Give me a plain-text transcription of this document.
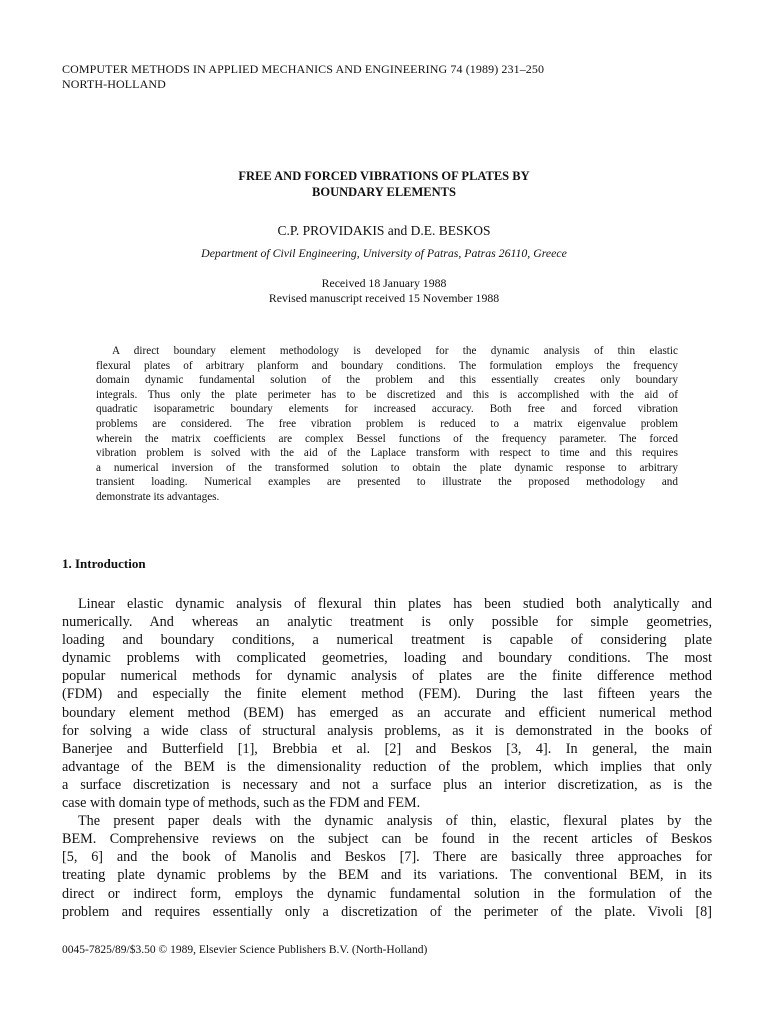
COMPUTER METHODS IN APPLIED MECHANICS AND ENGINEERING 74 (1989) 231–250
NORTH-HOLLAND
FREE AND FORCED VIBRATIONS OF PLATES BY
BOUNDARY ELEMENTS
C.P. PROVIDAKIS and D.E. BESKOS
Department of Civil Engineering, University of Patras, Patras 26110, Greece
Received 18 January 1988
Revised manuscript received 15 November 1988
A direct boundary element methodology is developed for the dynamic analysis of thin elastic
flexural plates of arbitrary planform and boundary conditions. The formulation employs the frequency
domain dynamic fundamental solution of the problem and this essentially creates only boundary
integrals. Thus only the plate perimeter has to be discretized and this is accomplished with the aid of
quadratic isoparametric boundary elements for increased accuracy. Both free and forced vibration
problems are considered. The free vibration problem is reduced to a matrix eigenvalue problem
wherein the matrix coefficients are complex Bessel functions of the frequency parameter. The forced
vibration problem is solved with the aid of the Laplace transform with respect to time and this requires
a numerical inversion of the transformed solution to obtain the plate dynamic response to arbitrary
transient loading. Numerical examples are presented to illustrate the proposed methodology and
demonstrate its advantages.
1. Introduction
Linear elastic dynamic analysis of flexural thin plates has been studied both analytically and
numerically. And whereas an analytic treatment is only possible for simple geometries,
loading and boundary conditions, a numerical treatment is capable of considering plate
dynamic problems with complicated geometries, loading and boundary conditions. The most
popular numerical methods for dynamic analysis of plates are the finite difference method
(FDM) and especially the finite element method (FEM). During the last fifteen years the
boundary element method (BEM) has emerged as an accurate and efficient numerical method
for solving a wide class of structural analysis problems, as it is demonstrated in the books of
Banerjee and Butterfield [1], Brebbia et al. [2] and Beskos [3, 4]. In general, the main
advantage of the BEM is the dimensionality reduction of the problem, which implies that only
a surface discretization is necessary and not a surface plus an interior discretization, as is the
case with domain type of methods, such as the FDM and FEM.
The present paper deals with the dynamic analysis of thin, elastic, flexural plates by the
BEM. Comprehensive reviews on the subject can be found in the recent articles of Beskos
[5, 6] and the book of Manolis and Beskos [7]. There are basically three approaches for
treating plate dynamic problems by the BEM and its variations. The conventional BEM, in its
direct or indirect form, employs the dynamic fundamental solution in the formulation of the
problem and requires essentially only a discretization of the perimeter of the plate. Vivoli [8]
0045-7825/89/$3.50 © 1989, Elsevier Science Publishers B.V. (North-Holland)
